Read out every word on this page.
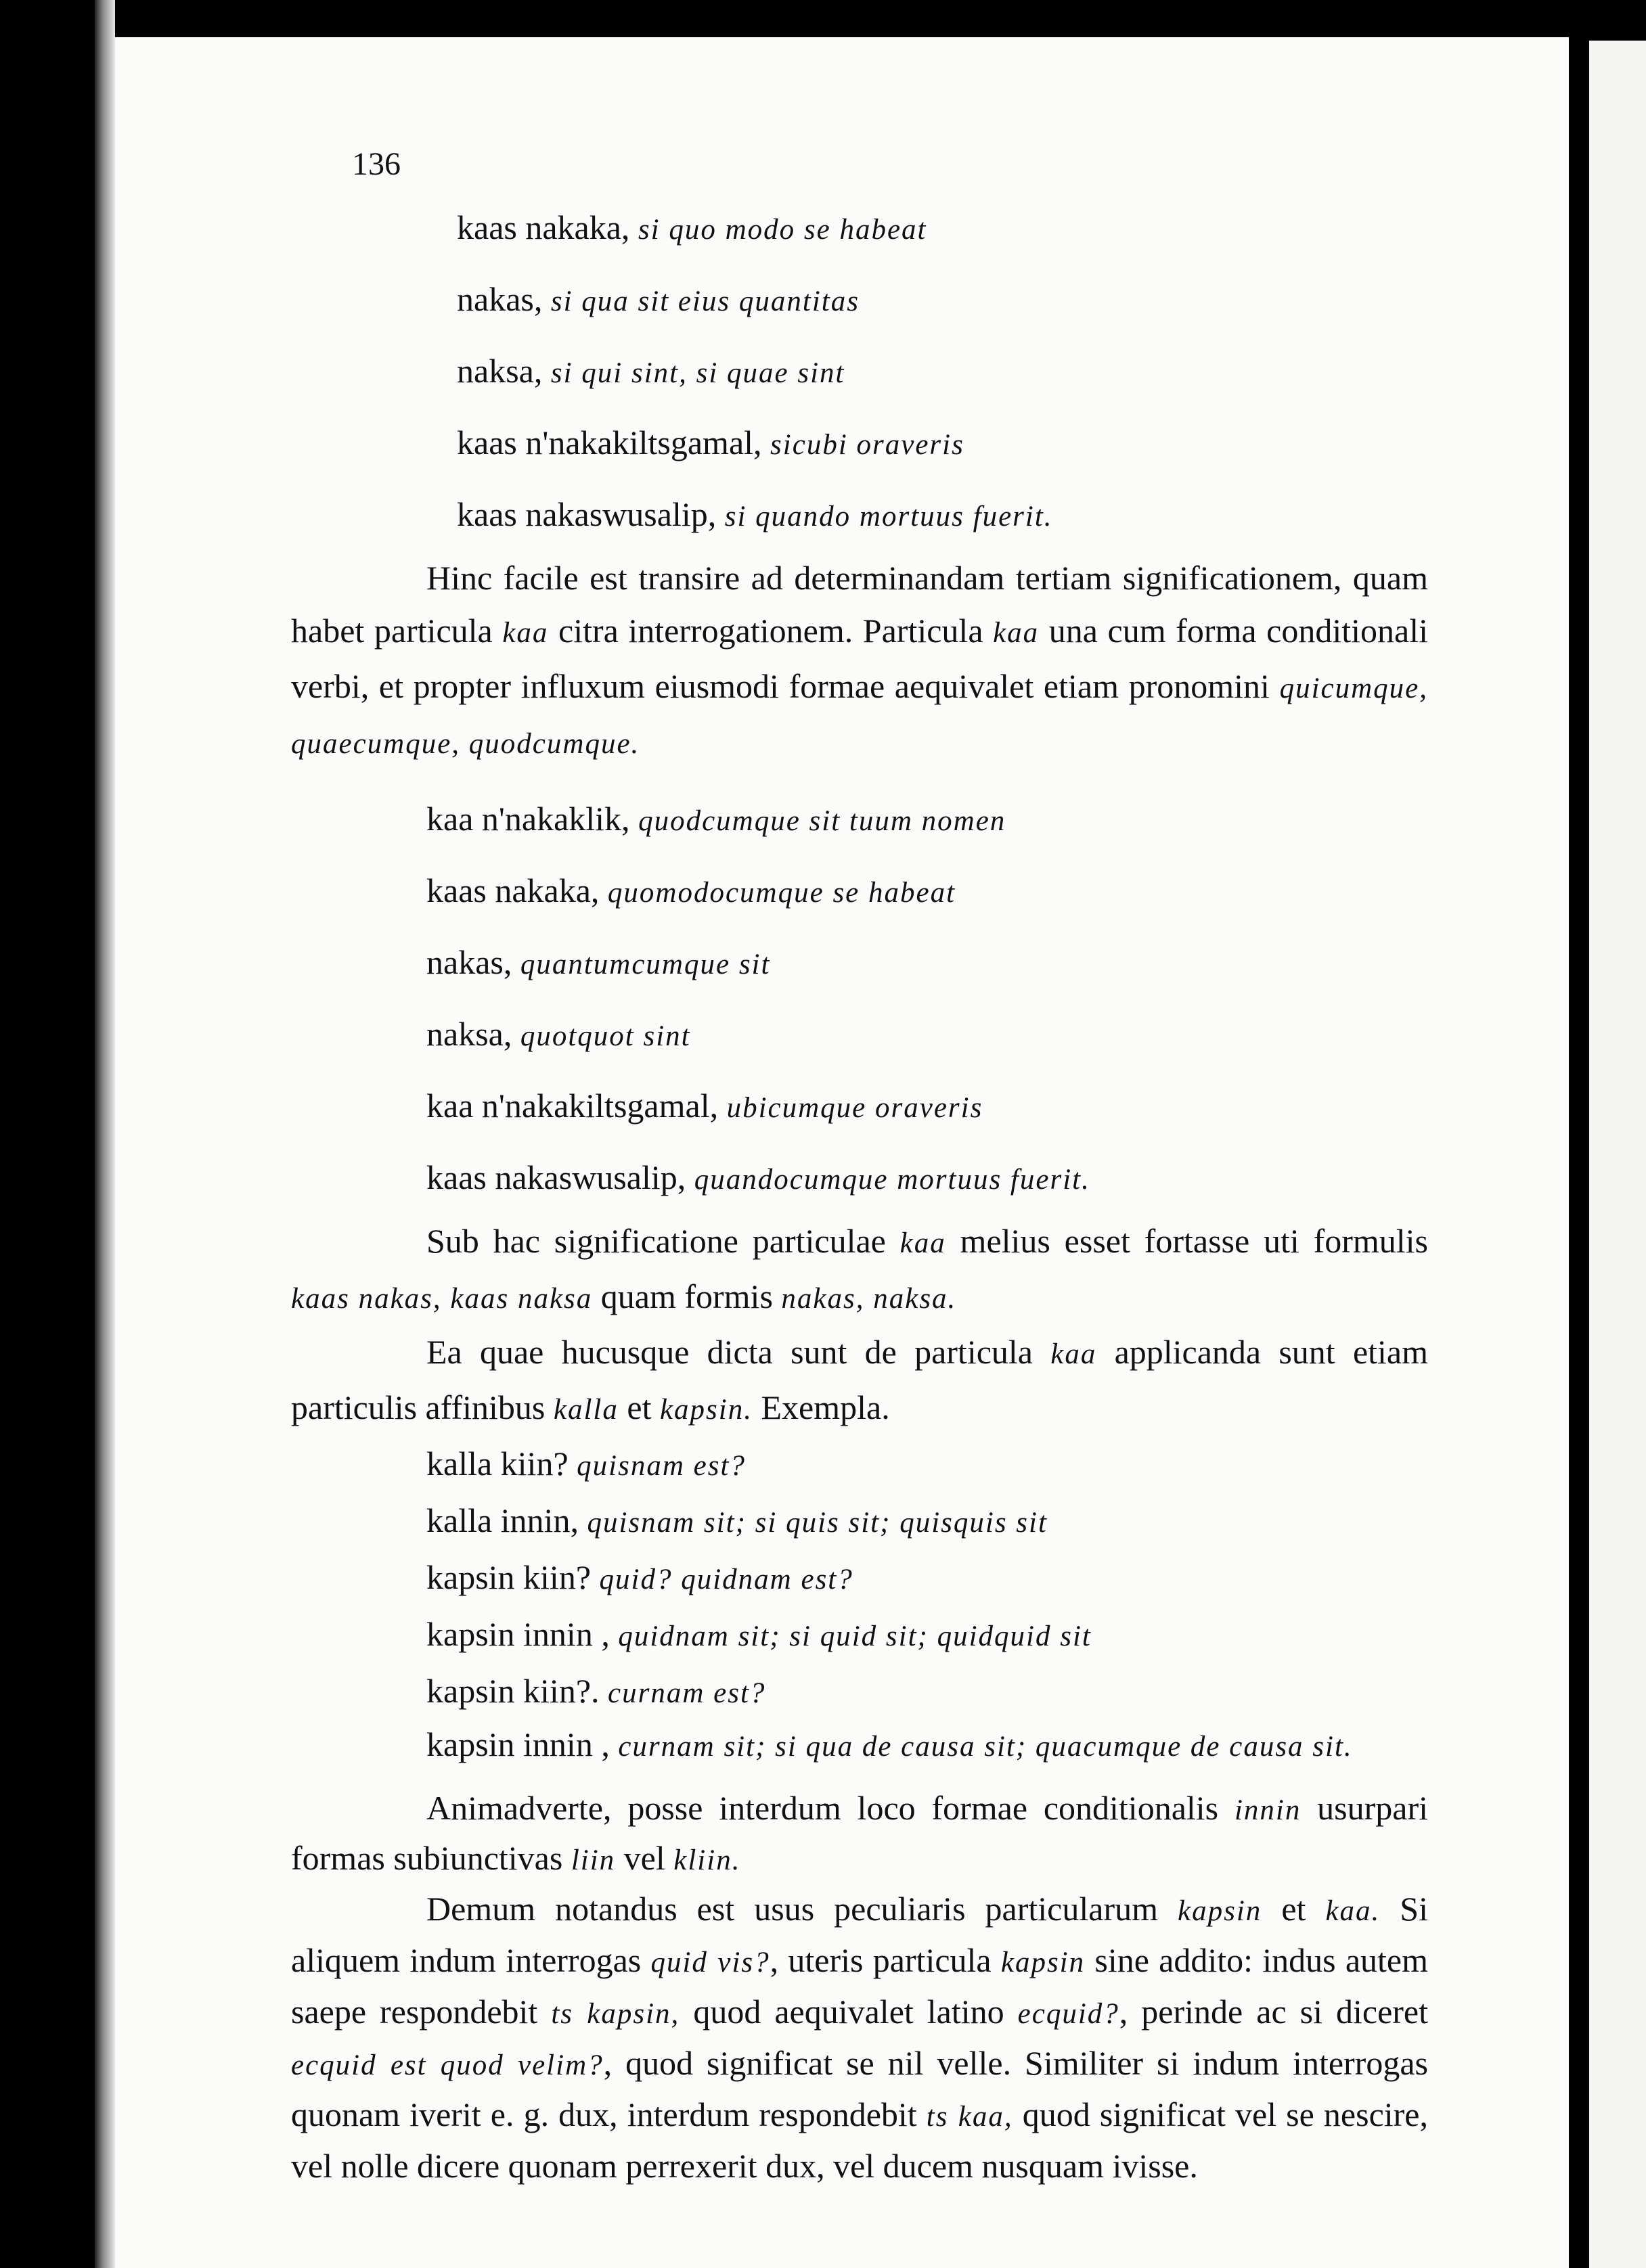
136
kaas nakaka, si quo modo se habeat
nakas, si qua sit eius quantitas
naksa, si qui sint, si quae sint
kaas n'nakakiltsgamal, sicubi oraveris
kaas nakaswusalip, si quando mortuus fuerit.

Hinc facile est transire ad determinandam tertiam significationem, quam habet particula kaa citra interrogationem. Particula kaa una cum forma conditionali verbi, et propter influxum eiusmodi formae aequivalet etiam pronomini quicumque, quaecumque, quodcumque.

kaa n'nakaklik, quodcumque sit tuum nomen
kaas nakaka, quomodocumque se habeat
nakas, quantumcumque sit
naksa, quotquot sint
kaa n'nakakiltsgamal, ubicumque oraveris
kaas nakaswusalip, quandocumque mortuus fuerit.

Sub hac significatione particulae kaa melius esset fortasse uti formulis kaas nakas, kaas naksa quam formis nakas, naksa.

Ea quae hucusque dicta sunt de particula kaa applicanda sunt etiam particulis affinibus kalla et kapsin. Exempla.

kalla kiin? quisnam est?
kalla innin, quisnam sit; si quis sit; quisquis sit
kapsin kiin? quid? quidnam est?
kapsin innin , quidnam sit; si quid sit; quidquid sit
kapsin kiin?. curnam est?
kapsin innin , curnam sit; si qua de causa sit; quacumque de causa sit.

Animadverte, posse interdum loco formae conditionalis innin usurpari formas subiunctivas liin vel kliin.

Demum notandus est usus peculiaris particularum kapsin et kaa. Si aliquem indum interrogas quid vis?, uteris particula kapsin sine addito: indus autem saepe respondebit ts kapsin, quod aequivalet latino ecquid?, perinde ac si diceret ecquid est quod velim?, quod significat se nil velle. Similiter si indum interrogas quonam iverit e. g. dux, interdum respondebit ts kaa, quod significat vel se nescire, vel nolle dicere quonam perrexerit dux, vel ducem nusquam ivisse.
